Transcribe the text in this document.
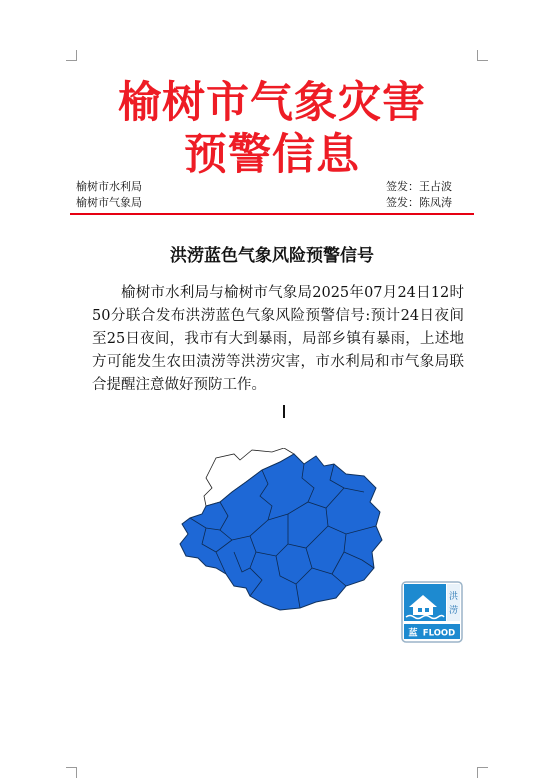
榆树市气象灾害
预警信息
榆树市水利局
榆树市气象局
签发：王占波
签发：陈凤涛
洪涝蓝色气象风险预警信号
榆树市水利局与榆树市气象局2025年07月24日12时50分联合发布洪涝蓝色气象风险预警信号:预计24日夜间至25日夜间，我市有大到暴雨，局部乡镇有暴雨，上述地方可能发生农田渍涝等洪涝灾害，市水利局和市气象局联合提醒注意做好预防工作。
洪
涝
蓝 FLOOD
